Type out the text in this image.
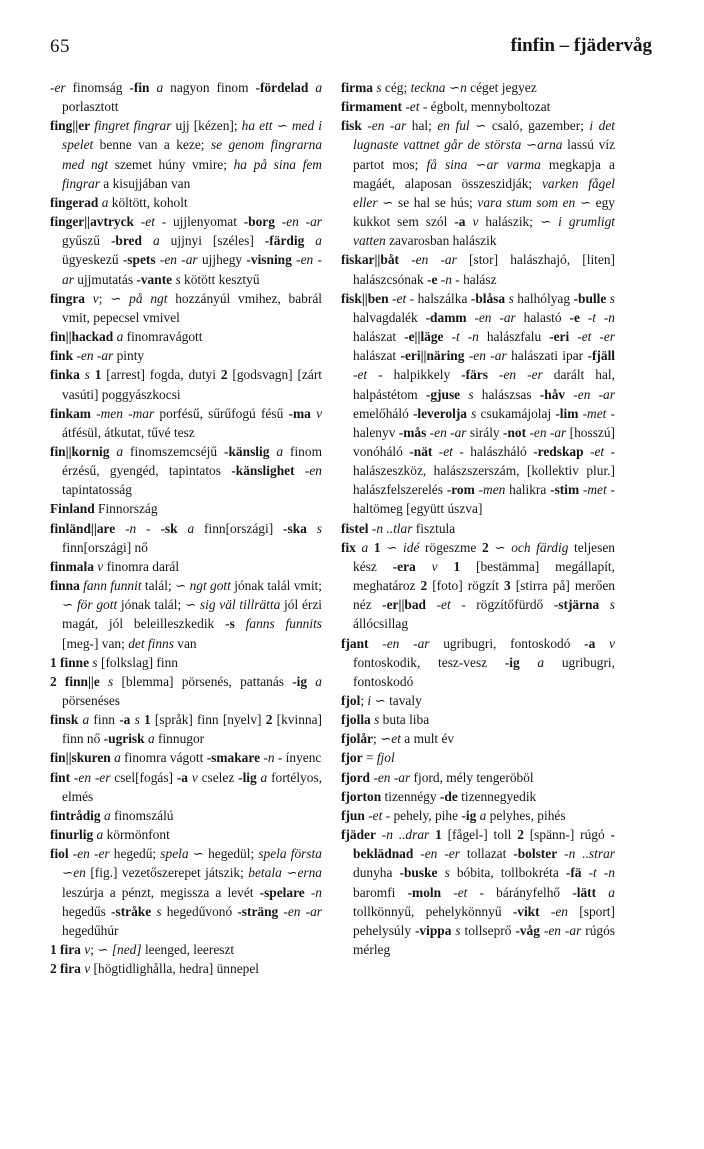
65	finfin – fjädervåg

-er finomság -fin a nagyon finom -fördelad a porlasztott

fing||er fingret fingrar ujj [kézen]; ha ett ∽ med i spelet benne van a keze; se genom fingrarna med ngt szemet húny vmire; ha på sina fem fingrar a kisujjában van

fingerad a költött, koholt

finger||avtryck -et - ujjlenyomat -borg -en -ar gyűszű -bred a ujjnyi [széles] -färdig a ügyeskezű -spets -en -ar ujjhegy -visning -en -ar ujjmutatás -vante s kötött kesztyű

fingra v; ∽ på ngt hozzányúl vmihez, babrál vmit, pepecsel vmivel

fin||hackad a finomravágott

fink -en -ar pinty

finka s 1 [arrest] fogda, dutyi 2 [godsvagn] [zárt vasúti] poggyászkocsi

finkam -men -mar porfésű, sűrűfogú fésű -ma v átfésül, átkutat, tűvé tesz

fin||kornig a finomszemcséjű -känslig a finom érzésű, gyengéd, tapintatos -känslighet -en tapintatosság

Finland Finnország

finländ||are -n - -sk a finn[országi] -ska s finn[országi] nő

finmala v finomra darál

finna fann funnit talál; ∽ ngt gott jónak talál vmit; ∽ för gott jónak talál; ∽ sig väl tillrätta jól érzi magát, jól beleilleszkedik -s fanns funnits [meg-] van; det finns van

1 finne s [folkslag] finn

2 finn||e s [blemma] pörsenés, pattanás -ig a pörsenéses

finsk a finn -a s 1 [språk] finn [nyelv] 2 [kvinna] finn nő -ugrisk a finnugor

fin||skuren a finomra vágott -smakare -n - ínyenc

fint -en -er csel[fogás] -a v cselez -lig a fortélyos, elmés

fintrådig a finomszálú

finurlig a körmönfont

fiol -en -er hegedű; spela ∽ hegedül; spela första ∽en [fig.] vezetőszerepet játszik; betala ∽erna leszúrja a pénzt, megissza a levét -spelare -n hegedűs -stråke s hegedűvonó -sträng -en -ar hegedűhúr

1 fira v; ∽ [ned] leenged, leereszt

2 fira v [högtidlighålla, hedra] ünnepel

firma s cég; teckna ∽n céget jegyez

firmament -et - égbolt, mennyboltozat

fisk -en -ar hal; en ful ∽ csaló, gazember; i det lugnaste vattnet går de största ∽arna lassú víz partot mos; få sina ∽ar varma megkapja a magáét, alaposan összeszidják; varken fågel eller ∽ se hal se hús; vara stum som en ∽ egy kukkot sem szól -a v halászik; ∽ i grumligt vatten zavarosban halászik

fiskar||båt -en -ar [stor] halászhajó, [liten] halászcsónak -e -n - halász

fisk||ben -et - halszálka -blåsa s halhólyag -bulle s halvagdalék -damm -en -ar halastó -e -t -n halászat -e||läge -t -n halászfalu -eri -et -er halászat -eri||näring -en -ar halászati ipar -fjäll -et - halpikkely -färs -en -er darált hal, halpástétom -gjuse s halászsas -håv -en -ar emelőháló -leverolja s csukamájolaj -lim -met - halenyv -mås -en -ar sirály -not -en -ar [hosszú] vonóháló -nät -et - halászháló -redskap -et - halászeszköz, halászszerszám, [kollektiv plur.] halászfelszerelés -rom -men halikra -stim -met - haltömeg [együtt úszva]

fistel -n ..tlar fisztula

fix a 1 ∽ idé rögeszme 2 ∽ och färdig teljesen kész -era v 1 [bestämma] megállapít, meghatároz 2 [foto] rögzít 3 [stirra på] merően néz -er||bad -et - rögzítőfürdő -stjärna s állócsillag

fjant -en -ar ugribugri, fontoskodó -a v fontoskodik, tesz-vesz -ig a ugribugri, fontoskodó

fjol; i ∽ tavaly

fjolla s buta liba

fjolår; ∽et a mult év

fjor = fjol

fjord -en -ar fjord, mély tengeröböl

fjorton tizennégy -de tizennegyedik

fjun -et - pehely, pihe -ig a pelyhes, pihés

fjäder -n ..drar 1 [fågel-] toll 2 [spänn-] rúgó -beklädnad -en -er tollazat -bolster -n ..strar dunyha -buske s bóbita, tollbokréta -fä -t -n baromfi -moln -et - bárányfelhő -lätt a tollkönnyű, pehelykönnyű -vikt -en [sport] pehelysúly -vippa s tollseprő -våg -en -ar rúgós mérleg
